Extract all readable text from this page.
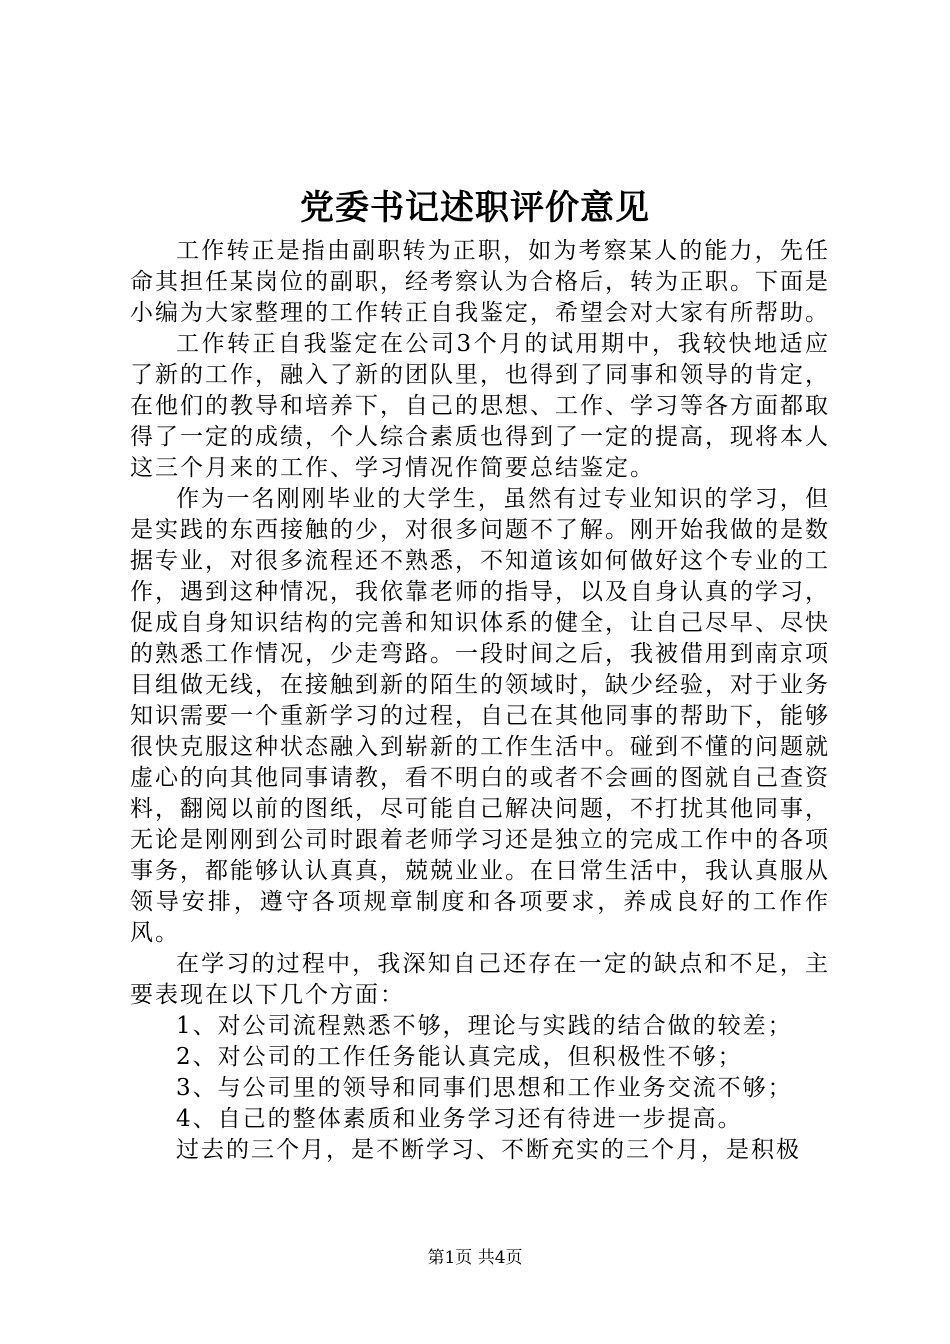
党委书记述职评价意见

工作转正是指由副职转为正职，如为考察某人的能力，先任命其担任某岗位的副职，经考察认为合格后，转为正职。下面是小编为大家整理的工作转正自我鉴定，希望会对大家有所帮助。

工作转正自我鉴定在公司3个月的试用期中，我较快地适应了新的工作，融入了新的团队里，也得到了同事和领导的肯定，在他们的教导和培养下，自己的思想、工作、学习等各方面都取得了一定的成绩，个人综合素质也得到了一定的提高，现将本人这三个月来的工作、学习情况作简要总结鉴定。

作为一名刚刚毕业的大学生，虽然有过专业知识的学习，但是实践的东西接触的少，对很多问题不了解。刚开始我做的是数据专业，对很多流程还不熟悉，不知道该如何做好这个专业的工作，遇到这种情况，我依靠老师的指导，以及自身认真的学习，促成自身知识结构的完善和知识体系的健全，让自己尽早、尽快的熟悉工作情况，少走弯路。一段时间之后，我被借用到南京项目组做无线，在接触到新的陌生的领域时，缺少经验，对于业务知识需要一个重新学习的过程，自己在其他同事的帮助下，能够很快克服这种状态融入到崭新的工作生活中。碰到不懂的问题就虚心的向其他同事请教，看不明白的或者不会画的图就自己查资料，翻阅以前的图纸，尽可能自己解决问题，不打扰其他同事，无论是刚刚到公司时跟着老师学习还是独立的完成工作中的各项事务，都能够认认真真，兢兢业业。在日常生活中，我认真服从领导安排，遵守各项规章制度和各项要求，养成良好的工作作风。

在学习的过程中，我深知自己还存在一定的缺点和不足，主要表现在以下几个方面：

1、对公司流程熟悉不够，理论与实践的结合做的较差；

2、对公司的工作任务能认真完成，但积极性不够；

3、与公司里的领导和同事们思想和工作业务交流不够；

4、自己的整体素质和业务学习还有待进一步提高。

过去的三个月，是不断学习、不断充实的三个月，是积极

第1页 共4页
